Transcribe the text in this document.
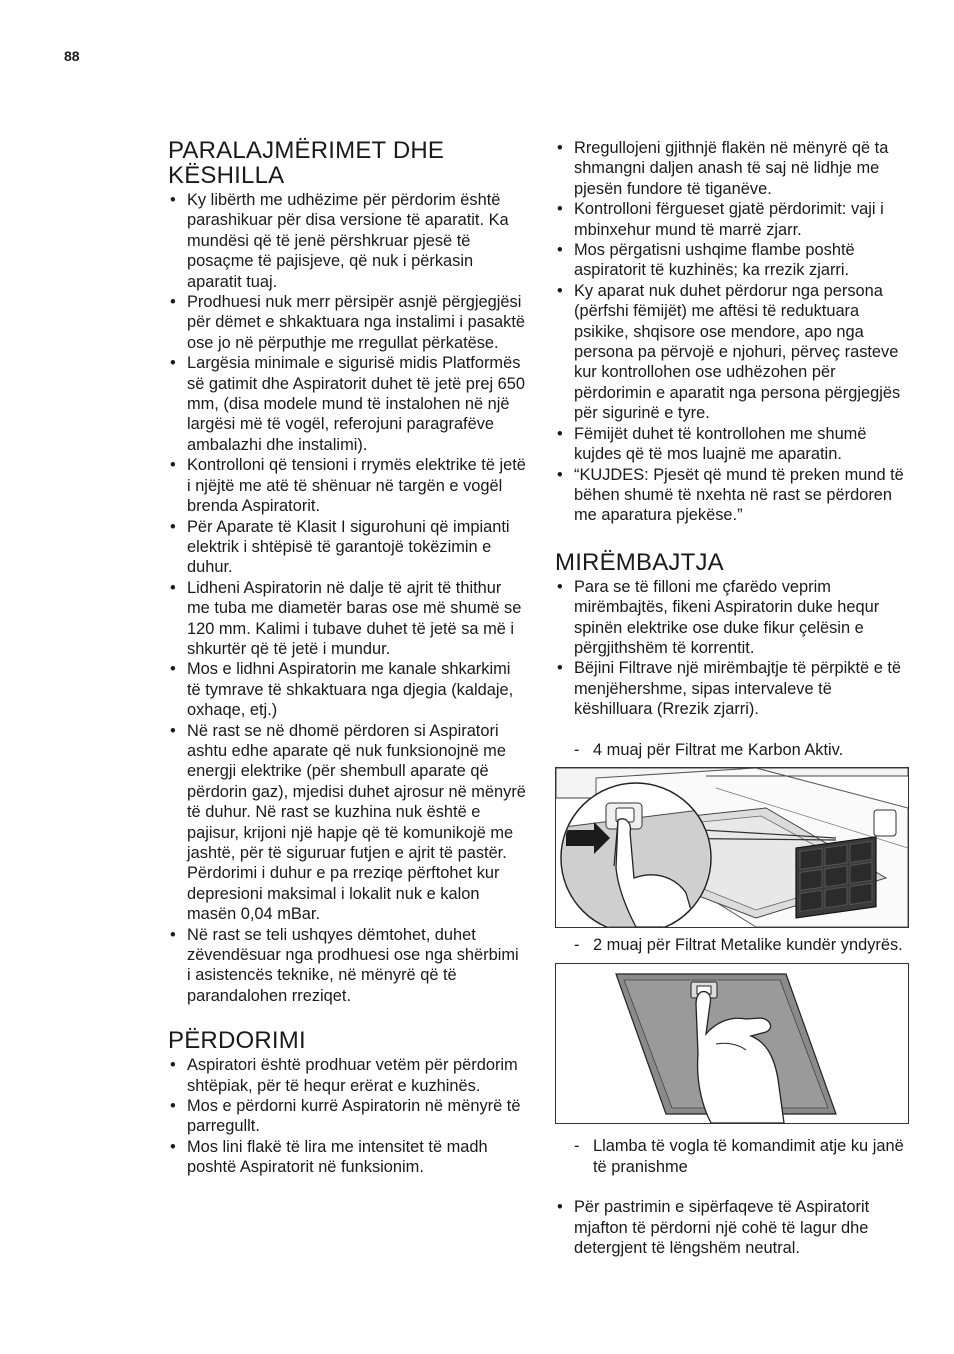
88
PARALAJMËRIMET DHE KËSHILLA
• Ky libërth me udhëzime për përdorim është parashikuar për disa versione të aparatit. Ka mundësi që të jenë përshkruar pjesë të posaçme të pajisjeve, që nuk i përkasin aparatit tuaj.
• Prodhuesi nuk merr përsipër asnjë përgjegjësi për dëmet e shkaktuara nga instalimi i pasaktë ose jo në përputhje me rregullat përkatëse.
• Largësia minimale e sigurisë midis Platformës së gatimit dhe Aspiratorit duhet të jetë prej 650 mm, (disa modele mund të instalohen në një largësi më të vogël, referojuni paragrafëve ambalazhi dhe instalimi).
• Kontrolloni që tensioni i rrymës elektrike të jetë i njëjtë me atë të shënuar në targën e vogël brenda Aspiratorit.
• Për Aparate të Klasit I sigurohuni që impianti elektrik i shtëpisë të garantojë tokëzimin e duhur.
• Lidheni Aspiratorin në dalje të ajrit të thithur me tuba me diametër baras ose më shumë se 120 mm. Kalimi i tubave duhet të jetë sa më i shkurtër që të jetë i mundur.
• Mos e lidhni Aspiratorin me kanale shkarkimi të tymrave të shkaktuara nga djegia (kaldaje, oxhaqe, etj.)
• Në rast se në dhomë përdoren si Aspiratori ashtu edhe aparate që nuk funksionojnë me energji elektrike (për shembull aparate që përdorin gaz), mjedisi duhet ajrosur në mënyrë të duhur. Në rast se kuzhina nuk është e pajisur, krijoni një hapje që të komunikojë me jashtë, për të siguruar futjen e ajrit të pastër. Përdorimi i duhur e pa rreziqe përftohet kur depresioni maksimal i lokalit nuk e kalon masën 0,04 mBar.
• Në rast se teli ushqyes dëmtohet, duhet zëvendësuar nga prodhuesi ose nga shërbimi i asistencës teknike, në mënyrë që të parandalohen rreziqet.
PËRDORIMI
• Aspiratori është prodhuar vetëm për përdorim shtëpiak, për të hequr erërat e kuzhinës.
• Mos e përdorni kurrë Aspiratorin në mënyrë të parregullt.
• Mos lini flakë të lira me intensitet të madh poshtë Aspiratorit në funksionim.
• Rregullojeni gjithnjë flakën në mënyrë që ta shmangni daljen anash të saj në lidhje me pjesën fundore të tiganëve.
• Kontrolloni fërgueset gjatë përdorimit: vaji i mbinxehur mund të marrë zjarr.
• Mos përgatisni ushqime flambe poshtë aspiratorit të kuzhinës; ka rrezik zjarri.
• Ky aparat nuk duhet përdorur nga persona (përfshi fëmijët) me aftësi të reduktuara psikike, shqisore ose mendore, apo nga persona pa përvojë e njohuri, përveç rasteve kur kontrollohen ose udhëzohen për përdorimin e aparatit nga persona përgjegjës për sigurinë e tyre.
• Fëmijët duhet të kontrollohen me shumë kujdes që të mos luajnë me aparatin.
• “KUJDES: Pjesët që mund të preken mund të bëhen shumë të nxehta në rast se përdoren me aparatura pjekëse.”
MIRËMBAJTJA
• Para se të filloni me çfarëdo veprim mirëmbajtës, fikeni Aspiratorin duke hequr spinën elektrike ose duke fikur çelësin e përgjithshëm të korrentit.
• Bëjini Filtrave një mirëmbajtje të përpiktë e të menjëhershme, sipas intervaleve të këshilluara (Rrezik zjarri).
- 4 muaj për Filtrat me Karbon Aktiv.
- 2 muaj për Filtrat Metalike kundër yndyrës.
- Llamba të vogla të komandimit atje ku janë të pranishme
• Për pastrimin e sipërfaqeve të Aspiratorit mjafton të përdorni një cohë të lagur dhe detergjent të lëngshëm neutral.
